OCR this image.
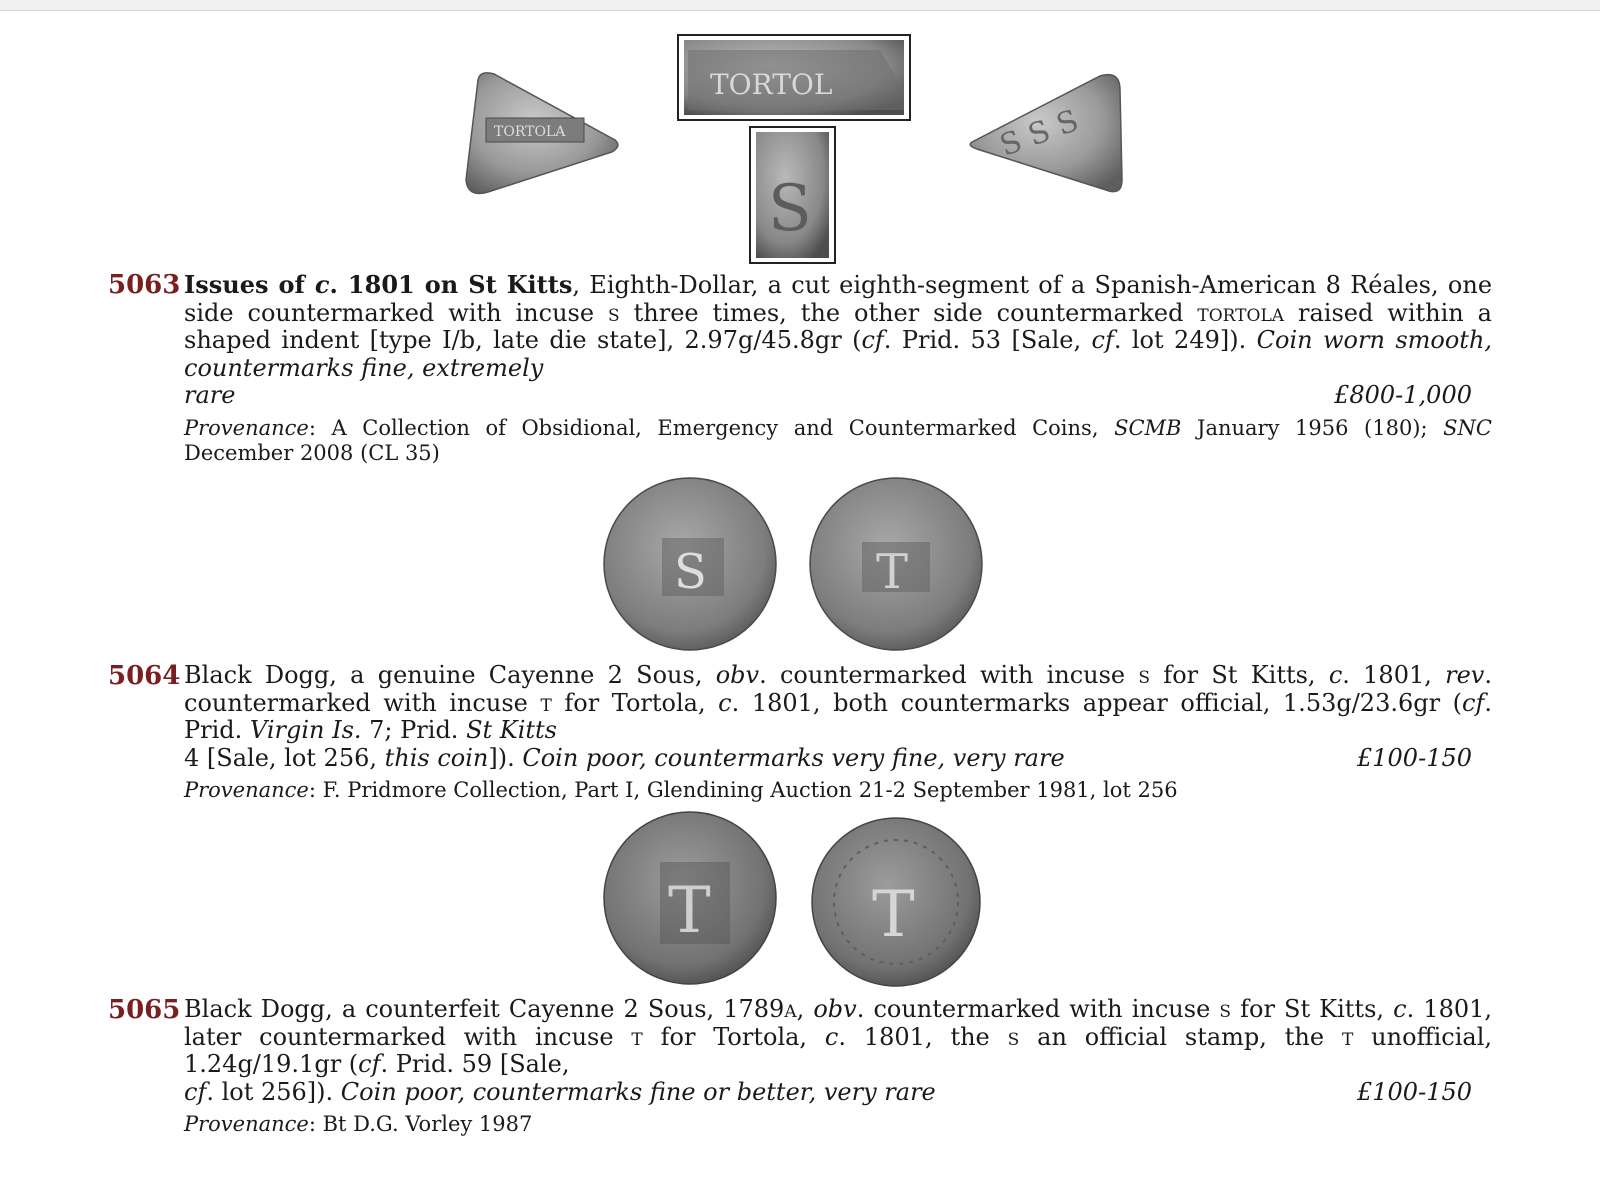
TORTOLA
TORTOL
S
S S S
5063 Issues of c. 1801 on St Kitts, Eighth-Dollar, a cut eighth-segment of a Spanish-American 8 Réales, one side countermarked with incuse s three times, the other side countermarked tortola raised within a shaped indent [type I/b, late die state], 2.97g/45.8gr (cf. Prid. 53 [Sale, cf. lot 249]). Coin worn smooth, countermarks fine, extremely
rare	£800-1,000
Provenance: A Collection of Obsidional, Emergency and Countermarked Coins, SCMB January 1956 (180); SNC December 2008 (CL 35)
S	T
5064 Black Dogg, a genuine Cayenne 2 Sous, obv. countermarked with incuse s for St Kitts, c. 1801, rev. countermarked with incuse t for Tortola, c. 1801, both countermarks appear official, 1.53g/23.6gr (cf. Prid. Virgin Is. 7; Prid. St Kitts
4 [Sale, lot 256, this coin]). Coin poor, countermarks very fine, very rare	£100-150
Provenance: F. Pridmore Collection, Part I, Glendining Auction 21-2 September 1981, lot 256
T	T
5065 Black Dogg, a counterfeit Cayenne 2 Sous, 1789a, obv. countermarked with incuse s for St Kitts, c. 1801, later countermarked with incuse t for Tortola, c. 1801, the s an official stamp, the t unofficial, 1.24g/19.1gr (cf. Prid. 59 [Sale,
cf. lot 256]). Coin poor, countermarks fine or better, very rare	£100-150
Provenance: Bt D.G. Vorley 1987
